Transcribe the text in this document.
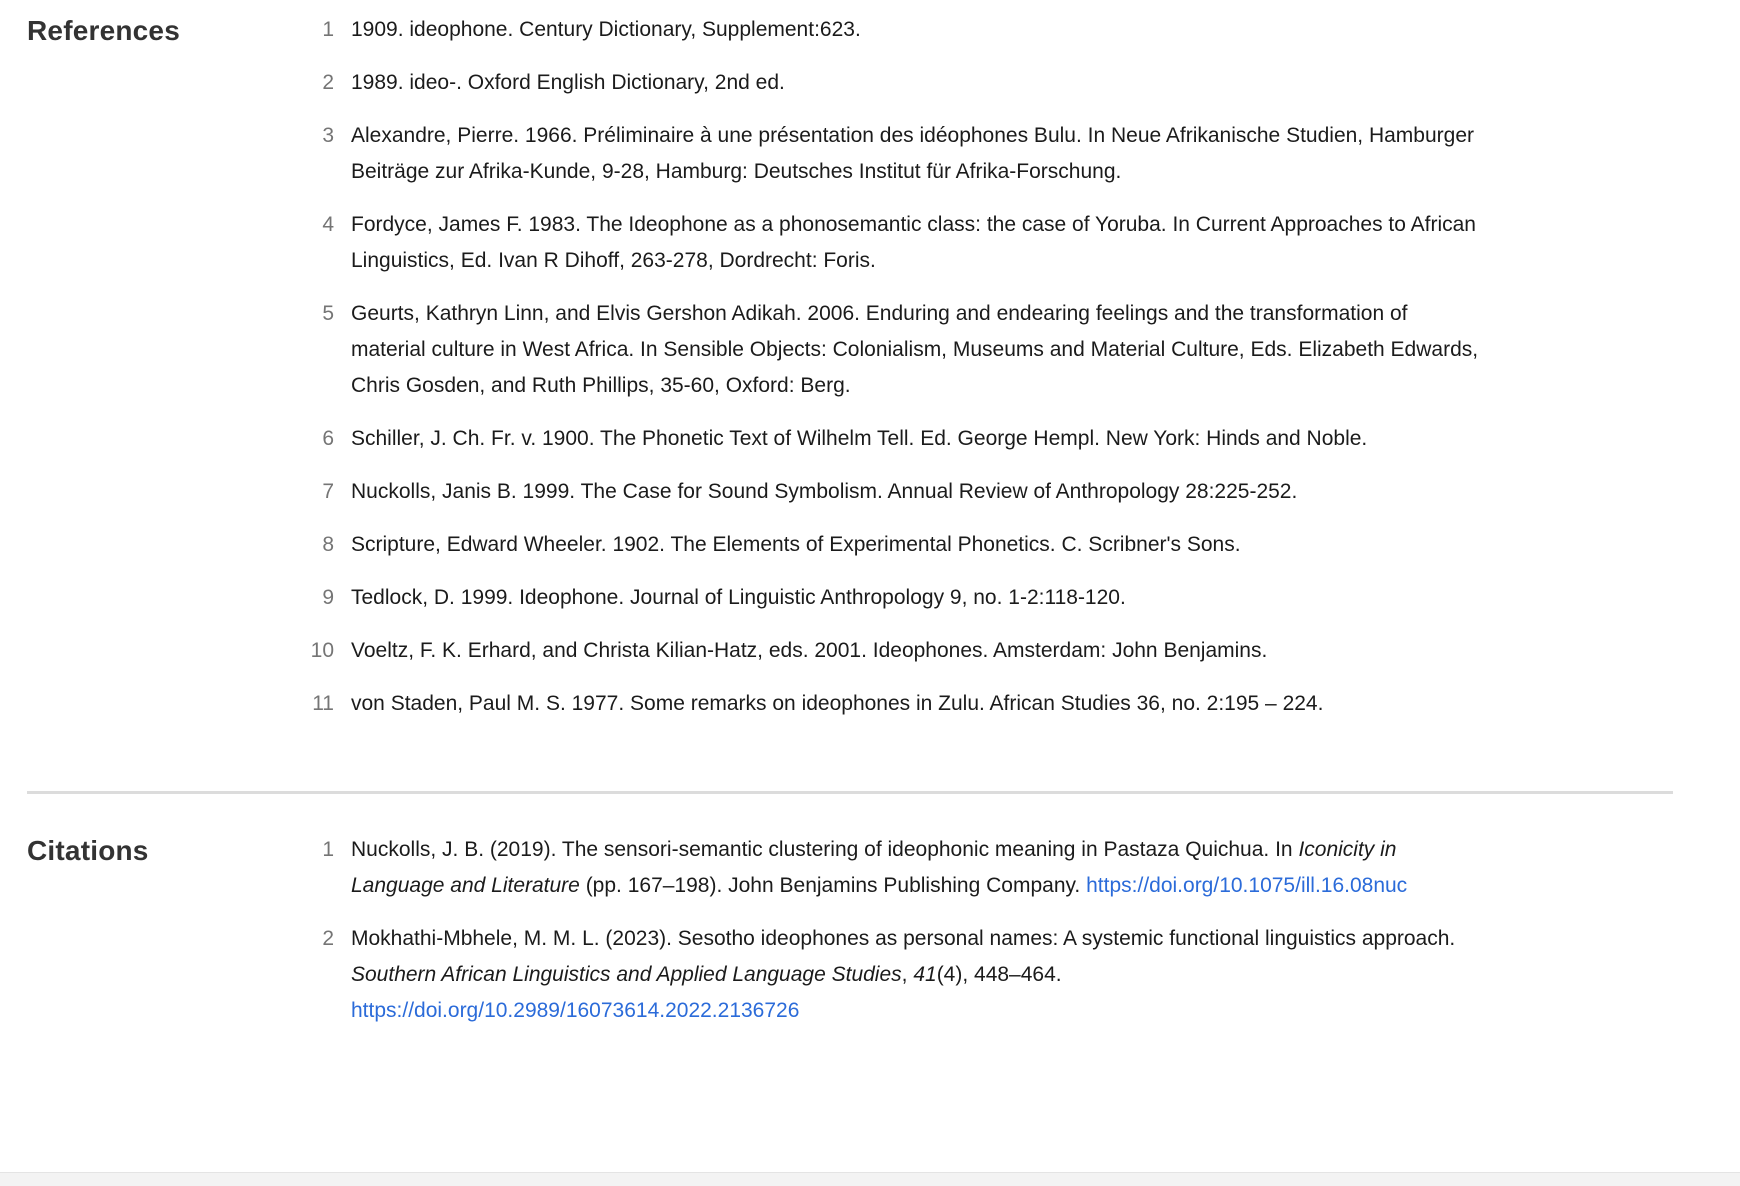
References	1 1909. ideophone. Century Dictionary, Supplement:623.

2 1989. ideo-. Oxford English Dictionary, 2nd ed.

3 Alexandre, Pierre. 1966. Préliminaire à une présentation des idéophones Bulu. In Neue Afrikanische Studien, Hamburger Beiträge zur Afrika-Kunde, 9-28, Hamburg: Deutsches Institut für Afrika-Forschung.

4 Fordyce, James F. 1983. The Ideophone as a phonosemantic class: the case of Yoruba. In Current Approaches to African Linguistics, Ed. Ivan R Dihoff, 263-278, Dordrecht: Foris.

5 Geurts, Kathryn Linn, and Elvis Gershon Adikah. 2006. Enduring and endearing feelings and the transformation of material culture in West Africa. In Sensible Objects: Colonialism, Museums and Material Culture, Eds. Elizabeth Edwards, Chris Gosden, and Ruth Phillips, 35-60, Oxford: Berg.

6 Schiller, J. Ch. Fr. v. 1900. The Phonetic Text of Wilhelm Tell. Ed. George Hempl. New York: Hinds and Noble.

7 Nuckolls, Janis B. 1999. The Case for Sound Symbolism. Annual Review of Anthropology 28:225-252.

8 Scripture, Edward Wheeler. 1902. The Elements of Experimental Phonetics. C. Scribner's Sons.

9 Tedlock, D. 1999. Ideophone. Journal of Linguistic Anthropology 9, no. 1-2:118-120.

10 Voeltz, F. K. Erhard, and Christa Kilian-Hatz, eds. 2001. Ideophones. Amsterdam: John Benjamins.

11 von Staden, Paul M. S. 1977. Some remarks on ideophones in Zulu. African Studies 36, no. 2:195 – 224.

Citations	1 Nuckolls, J. B. (2019). The sensori-semantic clustering of ideophonic meaning in Pastaza Quichua. In Iconicity in Language and Literature (pp. 167–198). John Benjamins Publishing Company. https://doi.org/10.1075/ill.16.08nuc

2 Mokhathi-Mbhele, M. M. L. (2023). Sesotho ideophones as personal names: A systemic functional linguistics approach. Southern African Linguistics and Applied Language Studies, 41(4), 448–464. https://doi.org/10.2989/16073614.2022.2136726
